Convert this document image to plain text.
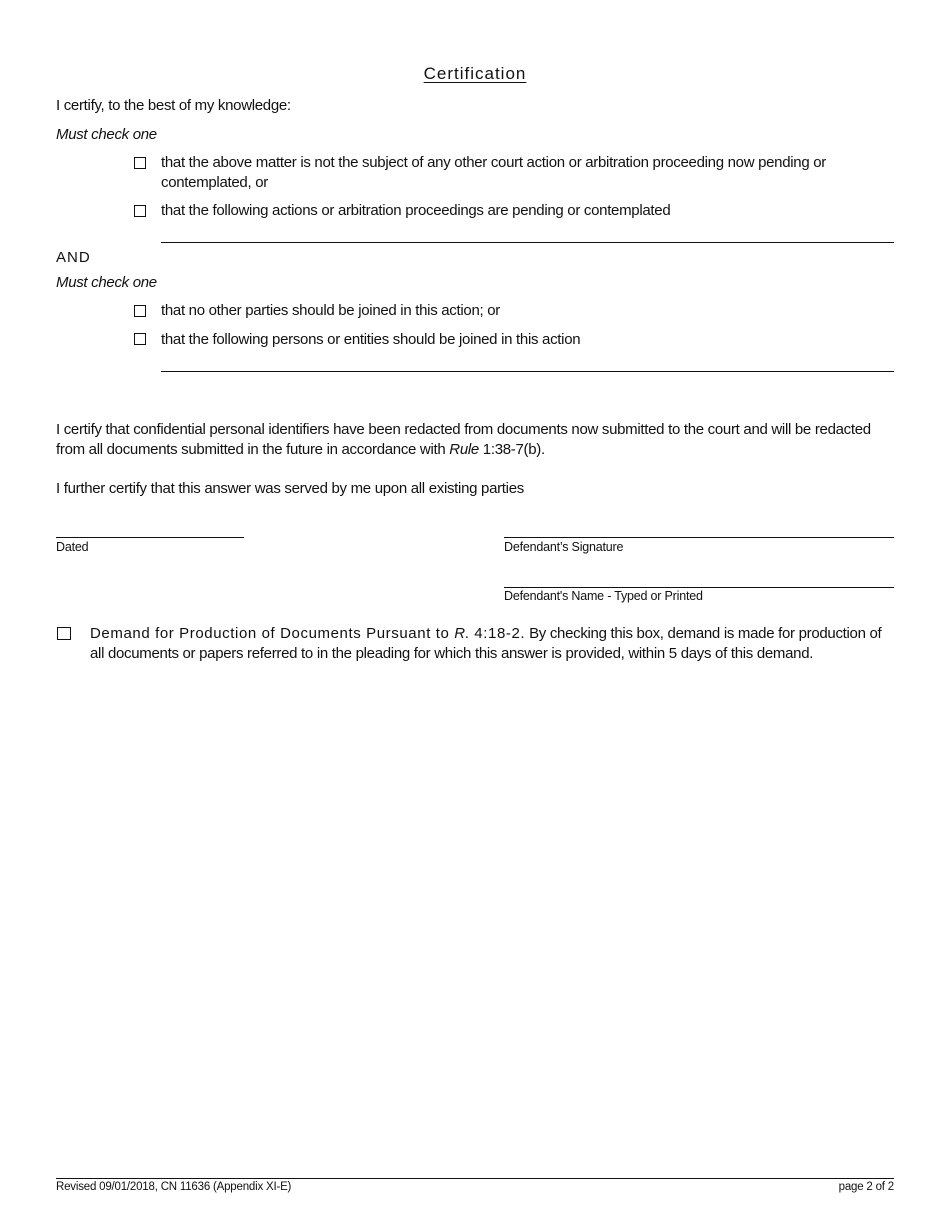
Certification
I certify, to the best of my knowledge:
Must check one
that the above matter is not the subject of any other court action or arbitration proceeding now pending or contemplated, or
that the following actions or arbitration proceedings are pending or contemplated
AND
Must check one
that no other parties should be joined in this action; or
that the following persons or entities should be joined in this action
I certify that confidential personal identifiers have been redacted from documents now submitted to the court and will be redacted from all documents submitted in the future in accordance with Rule 1:38-7(b).
I further certify that this answer was served by me upon all existing parties
Dated	Defendant’s Signature
Defendant's Name - Typed or Printed
Demand for Production of Documents Pursuant to R. 4:18-2. By checking this box, demand is made for production of all documents or papers referred to in the pleading for which this answer is provided, within 5 days of this demand.
Revised 09/01/2018, CN 11636 (Appendix XI-E)	page 2 of 2
